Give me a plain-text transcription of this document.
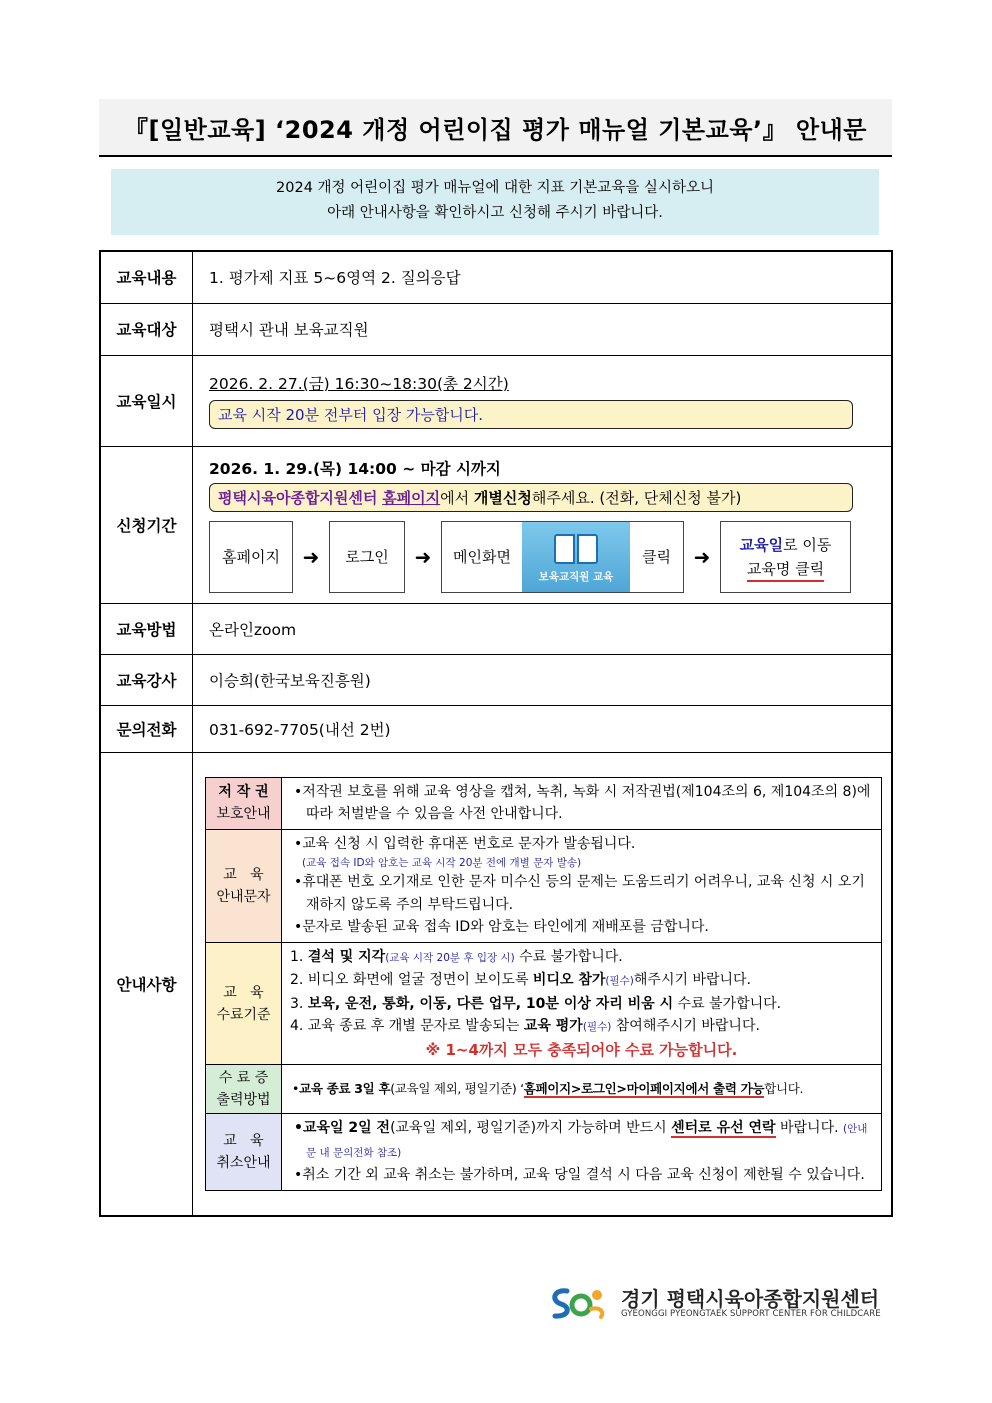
『[일반교육] ‘2024 개정 어린이집 평가 매뉴얼 기본교육’』 안내문
2024 개정 어린이집 평가 매뉴얼에 대한 지표 기본교육을 실시하오니
아래 안내사항을 확인하시고 신청해 주시기 바랍니다.
교육내용	1. 평가제 지표 5~6영역 2. 질의응답
교육대상	평택시 관내 보육교직원
교육일시	
2026. 2. 27.(금) 16:30~18:30(총 2시간)
교육 시작 20분 전부터 입장 가능합니다.

신청기간	
2026. 1. 29.(목) 14:00 ~ 마감 시까지
평택시육아종합지원센터 홈페이지에서 개별신청해주세요. (전화, 단체신청 불가)
홈페이지	➜	로그인	➜	메인화면
보육교직원 교육
클릭	➜	교육일로 이동
교육명 클릭

교육방법	온라인zoom
교육강사	이승희(한국보육진흥원)
문의전화	031-692-7705(내선 2번)
안내사항	
저 작 권
보호안내

•저작권 보호를 위해 교육 영상을 캡쳐, 녹취, 녹화 시 저작권법(제104조의 6, 제104조의 8)에 따라 처벌받을 수 있음을 사전 안내합니다.

교   육
안내문자

•교육 신청 시 입력한 휴대폰 번호로 문자가 발송됩니다.
(교육 접속 ID와 암호는 교육 시작 20분 전에 개별 문자 발송)
•휴대폰 번호 오기재로 인한 문자 미수신 등의 문제는 도움드리기 어려우니, 교육 신청 시 오기재하지 않도록 주의 부탁드립니다.
•문자로 발송된 교육 접속 ID와 암호는 타인에게 재배포를 금합니다.

교   육
수료기준

1. 결석 및 지각(교육 시작 20분 후 입장 시) 수료 불가합니다.
2. 비디오 화면에 얼굴 정면이 보이도록 비디오 참가(필수)해주시기 바랍니다.
3. 보육, 운전, 통화, 이동, 다른 업무, 10분 이상 자리 비움 시 수료 불가합니다.
4. 교육 종료 후 개별 문자로 발송되는 교육 평가(필수) 참여해주시기 바랍니다.
※ 1~4까지 모두 충족되어야 수료 가능합니다.

수 료 증
출력방법
	•교육 종료 3일 후(교육일 제외, 평일기준) ‘홈페이지>로그인>마이페이지에서 출력 가능합니다.

교   육
취소안내

•교육일 2일 전(교육일 제외, 평일기준)까지 가능하며 반드시 센터로 유선 연락 바랍니다. (안내문 내 문의전화 참조)
•취소 기간 외 교육 취소는 불가하며, 교육 당일 결석 시 다음 교육 신청이 제한될 수 있습니다.
경기 평택시육아종합지원센터
GYEONGGI PYEONGTAEK SUPPORT CENTER FOR CHILDCARE
